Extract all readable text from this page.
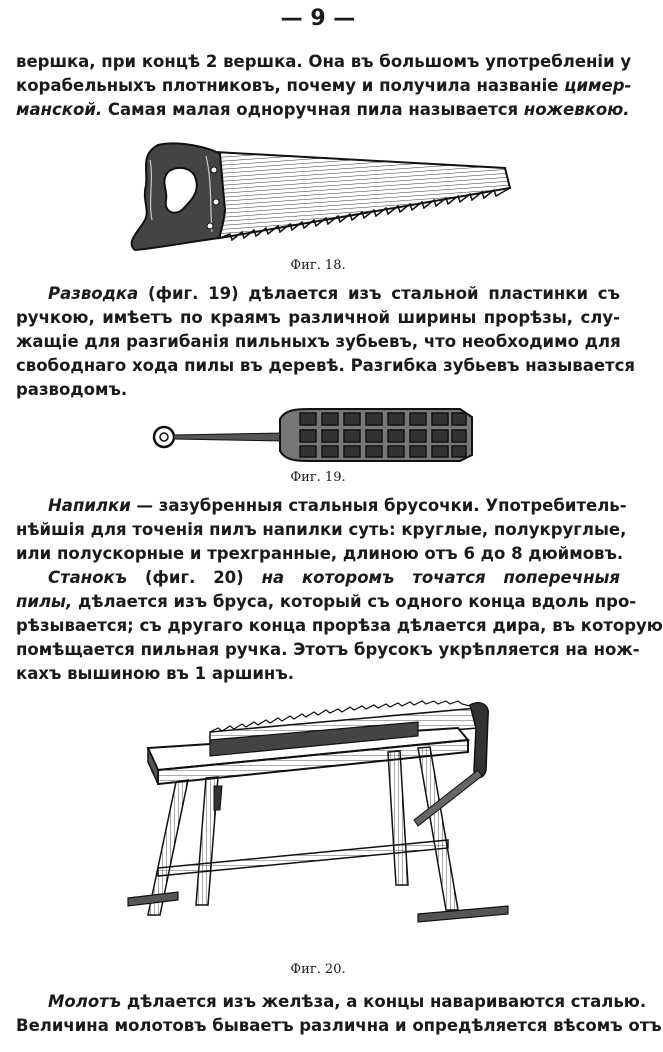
— 9 —
вершка, при концѣ 2 вершка. Она въ большомъ употребленіи у
корабельныхъ плотниковъ, почему и получила названіе цимер-
манской. Самая малая одноручная пила называется ножевкою.
Фиг. 18.
Разводка (фиг. 19) дѣлается изъ стальной пластинки съ
ручкою, имѣетъ по краямъ различной ширины прорѣзы, слу-
жащіе для разгибанія пильныхъ зубьевъ, что необходимо для
свободнаго хода пилы въ деревѣ. Разгибка зубьевъ называется
разводомъ.
Фиг. 19.
Напилки — зазубренныя стальныя брусочки. Употребитель-
нѣйшія для точенія пилъ напилки суть: круглые, полукруглые,
или полускорные и трехгранные, длиною отъ 6 до 8 дюймовъ.
Станокъ (фиг. 20) на которомъ точатся поперечныя
пилы, дѣлается изъ бруса, который съ одного конца вдоль про-
рѣзывается; съ другаго конца прорѣза дѣлается дира, въ которую
помѣщается пильная ручка. Этотъ брусокъ укрѣпляется на нож-
кахъ вышиною въ 1 аршинъ.
Фиг. 20.
Молотъ дѣлается изъ желѣза, а концы навариваются сталью.
Величина молотовъ бываетъ различна и опредѣляется вѣсомъ отъ
